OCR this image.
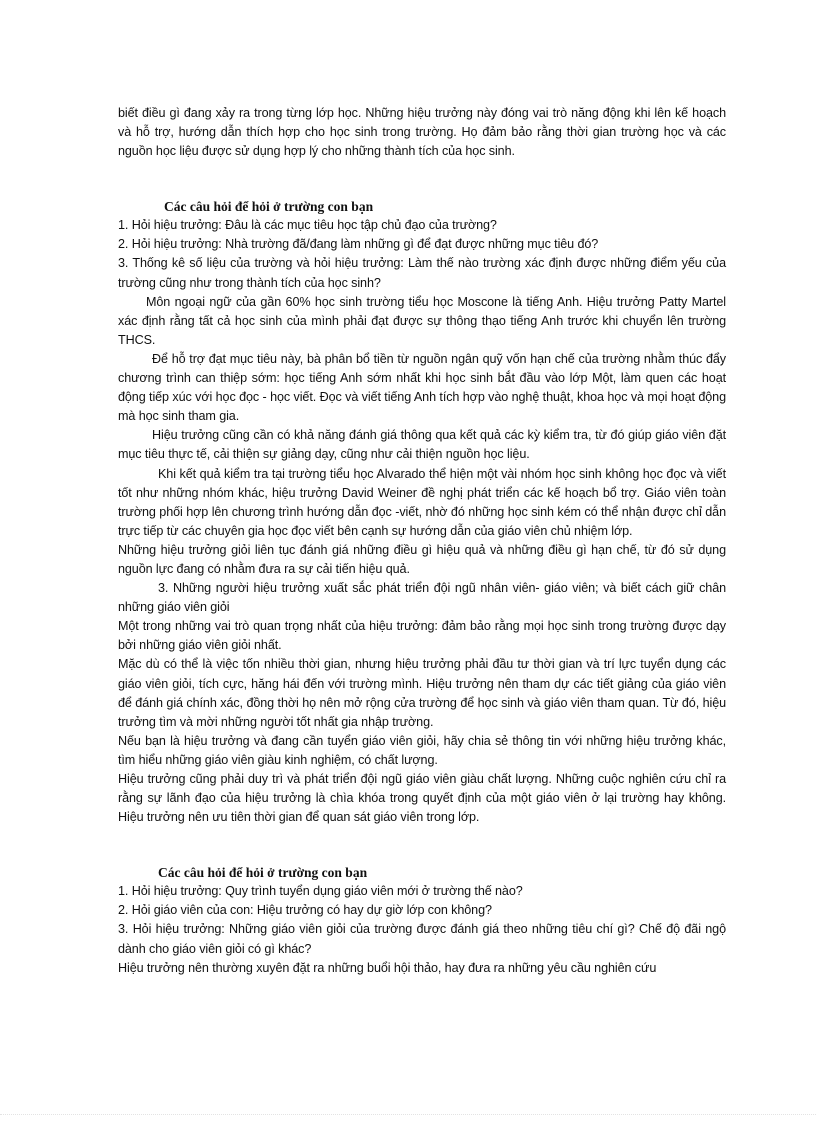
biết điều gì đang xảy ra trong từng lớp học. Những hiệu trưởng này đóng vai trò năng động khi lên kế hoạch và hỗ trợ, hướng dẫn thích hợp cho học sinh trong trường. Họ đảm bảo rằng thời gian trường học và các nguồn học liệu được sử dụng hợp lý cho những thành tích của học sinh.

Các câu hỏi để hỏi ở trường con bạn

1. Hỏi hiệu trưởng: Đâu là các mục tiêu học tập chủ đạo của trường?

2. Hỏi hiệu trưởng: Nhà trường đã/đang làm những gì để đạt được những mục tiêu đó?

3. Thống kê số liệu của trường và hỏi hiệu trưởng: Làm thế nào trường xác định được những điểm yếu của trường cũng như trong thành tích của học sinh?

Môn ngoại ngữ của gần 60% học sinh trường tiểu học Moscone là tiếng Anh. Hiệu trưởng Patty Martel xác định rằng tất cả học sinh của mình phải đạt được sự thông thạo tiếng Anh trước khi chuyển lên trường THCS.

Để hỗ trợ đạt mục tiêu này, bà phân bổ tiền từ nguồn ngân quỹ vốn hạn chế của trường nhằm thúc đẩy chương trình can thiệp sớm: học tiếng Anh sớm nhất khi học sinh bắt đầu vào lớp Một, làm quen các hoạt động tiếp xúc với học đọc - học viết. Đọc và viết tiếng Anh tích hợp vào nghệ thuật, khoa học và mọi hoạt động mà học sinh tham gia.

Hiệu trưởng cũng cần có khả năng đánh giá thông qua kết quả các kỳ kiểm tra, từ đó giúp giáo viên đặt mục tiêu thực tế, cải thiện sự giảng dạy, cũng như cải thiện nguồn học liệu.

Khi kết quả kiểm tra tại trường tiểu học Alvarado thể hiện một vài nhóm học sinh không học đọc và viết tốt như những nhóm khác, hiệu trưởng David Weiner đề nghị phát triển các kế hoạch bổ trợ. Giáo viên toàn trường phối hợp lên chương trình hướng dẫn đọc -viết, nhờ đó những học sinh kém có thể nhận được chỉ dẫn trực tiếp từ các chuyên gia học đọc viết bên cạnh sự hướng dẫn của giáo viên chủ nhiệm lớp.

Những hiệu trưởng giỏi liên tục đánh giá những điều gì hiệu quả và những điều gì hạn chế, từ đó sử dụng nguồn lực đang có nhằm đưa ra sự cải tiến hiệu quả.

3. Những người hiệu trưởng xuất sắc phát triển đội ngũ nhân viên- giáo viên; và biết cách giữ chân những giáo viên giỏi

Một trong những vai trò quan trọng nhất của hiệu trưởng: đảm bảo rằng mọi học sinh trong trường được dạy bởi những giáo viên giỏi nhất.

Mặc dù có thể là việc tốn nhiều thời gian, nhưng hiệu trưởng phải đầu tư thời gian và trí lực tuyển dụng các giáo viên giỏi, tích cực, hăng hái đến với trường mình. Hiệu trưởng nên tham dự các tiết giảng của giáo viên để đánh giá chính xác, đồng thời họ nên mở rộng cửa trường để học sinh và giáo viên tham quan. Từ đó, hiệu trưởng tìm và mời những người tốt nhất gia nhập trường.

Nếu bạn là hiệu trưởng và đang cần tuyển giáo viên giỏi, hãy chia sẻ thông tin với những hiệu trưởng khác, tìm hiểu những giáo viên giàu kinh nghiệm, có chất lượng.

Hiệu trưởng cũng phải duy trì và phát triển đội ngũ giáo viên giàu chất lượng. Những cuộc nghiên cứu chỉ ra rằng sự lãnh đạo của hiệu trưởng là chìa khóa trong quyết định của một giáo viên ở lại trường hay không. Hiệu trưởng nên ưu tiên thời gian để quan sát giáo viên trong lớp.

Các câu hỏi để hỏi ở trường con bạn

1. Hỏi hiệu trưởng: Quy trình tuyển dụng giáo viên mới ở trường thế nào?

2. Hỏi giáo viên của con: Hiệu trưởng có hay dự giờ lớp con không?

3. Hỏi hiệu trưởng: Những giáo viên giỏi của trường được đánh giá theo những tiêu chí gì? Chế độ đãi ngộ dành cho giáo viên giỏi có gì khác?

Hiệu trưởng nên thường xuyên đặt ra những buổi hội thảo, hay đưa ra những yêu cầu nghiên cứu
